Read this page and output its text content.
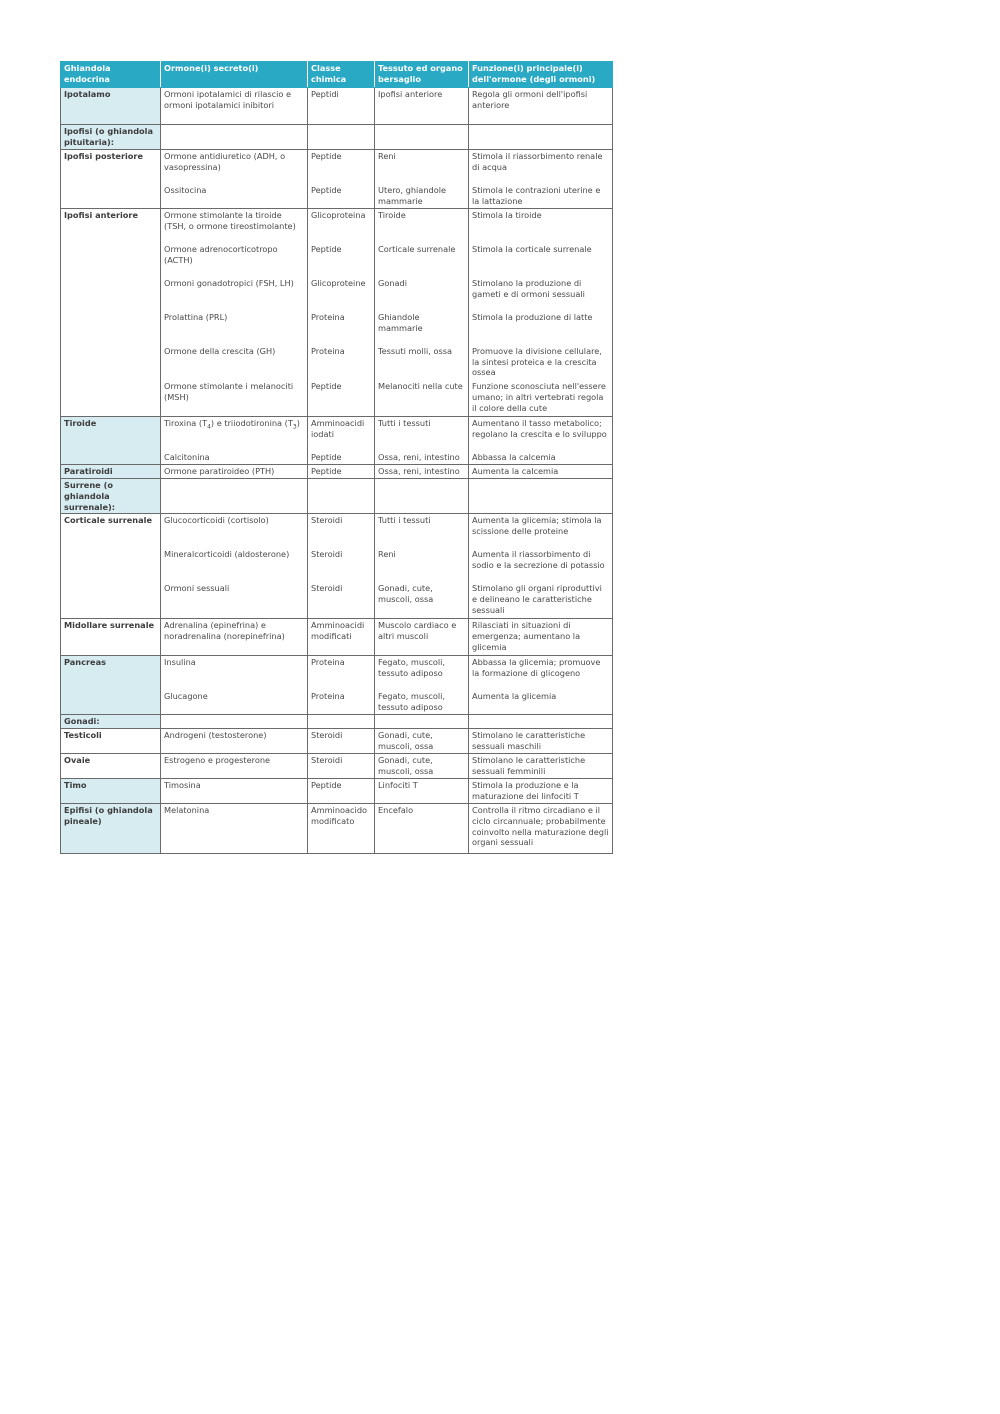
Ghiandola endocrina	Ormone(i) secreto(i)	Classe chimica	Tessuto ed organo bersaglio	Funzione(i) principale(i) dell'ormone (degli ormoni)
Ipotalamo	Ormoni ipotalamici di rilascio e ormoni ipotalamici inibitori	Peptidi	Ipofisi anteriore	Regola gli ormoni dell'ipofisi anteriore
Ipofisi (o ghiandola pituitaria):				
Ipofisi posteriore	Ormone antidiuretico (ADH, o vasopressina)	Peptide	Reni	Stimola il riassorbimento renale di acqua
	Ossitocina	Peptide	Utero, ghiandole mammarie	Stimola le contrazioni uterine e la lattazione
Ipofisi anteriore	Ormone stimolante la tiroide (TSH, o ormone tireostimolante)	Glicoproteina	Tiroide	Stimola la tiroide
	Ormone adrenocorticotropo (ACTH)	Peptide	Corticale surrenale	Stimola la corticale surrenale
	Ormoni gonadotropici (FSH, LH)	Glicoproteine	Gonadi	Stimolano la produzione di gameti e di ormoni sessuali
	Prolattina (PRL)	Proteina	Ghiandole mammarie	Stimola la produzione di latte
	Ormone della crescita (GH)	Proteina	Tessuti molli, ossa	Promuove la divisione cellulare, la sintesi proteica e la crescita ossea
	Ormone stimolante i melanociti (MSH)	Peptide	Melanociti nella cute	Funzione sconosciuta nell'essere umano; in altri vertebrati regola il colore della cute
Tiroide	Tiroxina $(T_4)$ e triiodotironina $(T_3)$	Amminoacidi iodati	Tutti i tessuti	Aumentano il tasso metabolico; regolano la crescita e lo sviluppo
	Calcitonina	Peptide	Ossa, reni, intestino	Abbassa la calcemia
Paratiroidi	Ormone paratiroideo (PTH)	Peptide	Ossa, reni, intestino	Aumenta la calcemia
Surrene (o ghiandola surrenale):				
Corticale surrenale	Glucocorticoidi (cortisolo)	Steroidi	Tutti i tessuti	Aumenta la glicemia; stimola la scissione delle proteine
	Mineralcorticoidi (aldosterone)	Steroidi	Reni	Aumenta il riassorbimento di sodio e la secrezione di potassio
	Ormoni sessuali	Steroidi	Gonadi, cute, muscoli, ossa	Stimolano gli organi riproduttivi e delineano le caratteristiche sessuali
Midollare surrenale	Adrenalina (epinefrina) e noradrenalina (norepinefrina)	Amminoacidi modificati	Muscolo cardiaco e altri muscoli	Rilasciati in situazioni di emergenza; aumentano la glicemia
Pancreas	Insulina	Proteina	Fegato, muscoli, tessuto adiposo	Abbassa la glicemia; promuove la formazione di glicogeno
	Glucagone	Proteina	Fegato, muscoli, tessuto adiposo	Aumenta la glicemia
Gonadi:				
Testicoli	Androgeni (testosterone)	Steroidi	Gonadi, cute, muscoli, ossa	Stimolano le caratteristiche sessuali maschili
Ovaie	Estrogeno e progesterone	Steroidi	Gonadi, cute, muscoli, ossa	Stimolano le caratteristiche sessuali femminili
Timo	Timosina	Peptide	Linfociti T	Stimola la produzione e la maturazione dei linfociti T
Epifisi (o ghiandola pineale)	Melatonina	Amminoacido modificato	Encefalo	Controlla il ritmo circadiano e il ciclo circannuale; probabilmente coinvolto nella maturazione degli organi sessuali
